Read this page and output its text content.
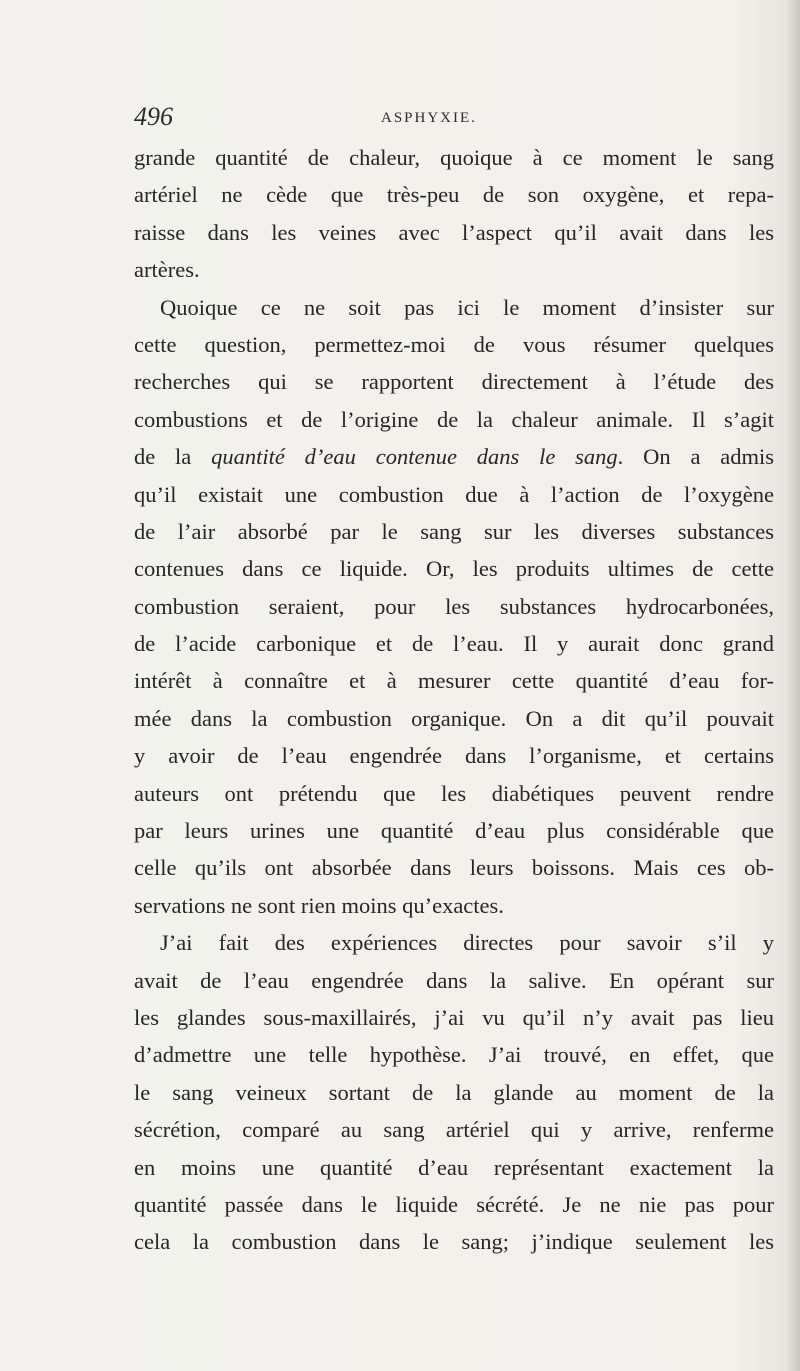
496	ASPHYXIE.
grande quantité de chaleur, quoique à ce moment le sang
artériel ne cède que très-peu de son oxygène, et repa-
raisse dans les veines avec l’aspect qu’il avait dans les
artères.
Quoique ce ne soit pas ici le moment d’insister sur
cette question, permettez-moi de vous résumer quelques
recherches qui se rapportent directement à l’étude des
combustions et de l’origine de la chaleur animale. Il s’agit
de la quantité d’eau contenue dans le sang. On a admis
qu’il existait une combustion due à l’action de l’oxygène
de l’air absorbé par le sang sur les diverses substances
contenues dans ce liquide. Or, les produits ultimes de cette
combustion seraient, pour les substances hydrocarbonées,
de l’acide carbonique et de l’eau. Il y aurait donc grand
intérêt à connaître et à mesurer cette quantité d’eau for-
mée dans la combustion organique. On a dit qu’il pouvait
y avoir de l’eau engendrée dans l’organisme, et certains
auteurs ont prétendu que les diabétiques peuvent rendre
par leurs urines une quantité d’eau plus considérable que
celle qu’ils ont absorbée dans leurs boissons. Mais ces ob-
servations ne sont rien moins qu’exactes.
J’ai fait des expériences directes pour savoir s’il y
avait de l’eau engendrée dans la salive. En opérant sur
les glandes sous-maxillairés, j’ai vu qu’il n’y avait pas lieu
d’admettre une telle hypothèse. J’ai trouvé, en effet, que
le sang veineux sortant de la glande au moment de la
sécrétion, comparé au sang artériel qui y arrive, renferme
en moins une quantité d’eau représentant exactement la
quantité passée dans le liquide sécrété. Je ne nie pas pour
cela la combustion dans le sang; j’indique seulement les
